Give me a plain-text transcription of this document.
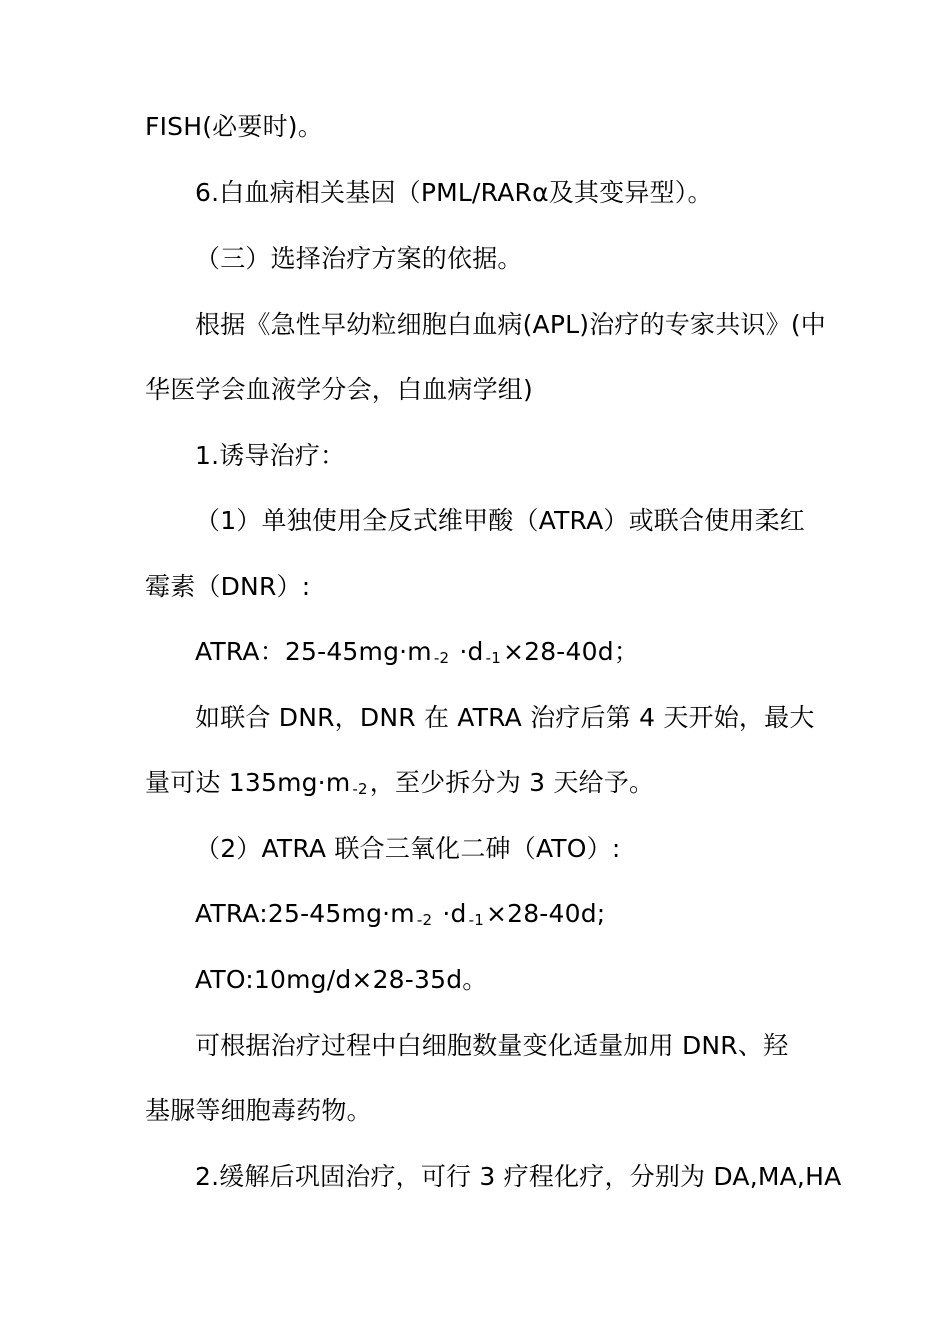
FISH(必要时)。
6.白血病相关基因（PML/RARα及其变异型）。
（三）选择治疗方案的依据。
根据《急性早幼粒细胞白血病(APL)治疗的专家共识》(中
华医学会血液学分会，白血病学组)
1.诱导治疗：
（1）单独使用全反式维甲酸（ATRA）或联合使用柔红
霉素（DNR）:
ATRA：25-45mg·m $_{-2}$ ·d $_{-1}$×28-40d；
如联合 DNR，DNR 在 ATRA 治疗后第 4 天开始，最大
量可达 135mg·m $_{-2}$，至少拆分为 3 天给予。
（2）ATRA 联合三氧化二砷（ATO）:
ATRA:25-45mg·m $_{-2}$ ·d $_{-1}$×28-40d;
ATO:10mg/d×28-35d。
可根据治疗过程中白细胞数量变化适量加用 DNR、羟
基脲等细胞毒药物。
2.缓解后巩固治疗，可行 3 疗程化疗，分别为 DA,MA,HA
